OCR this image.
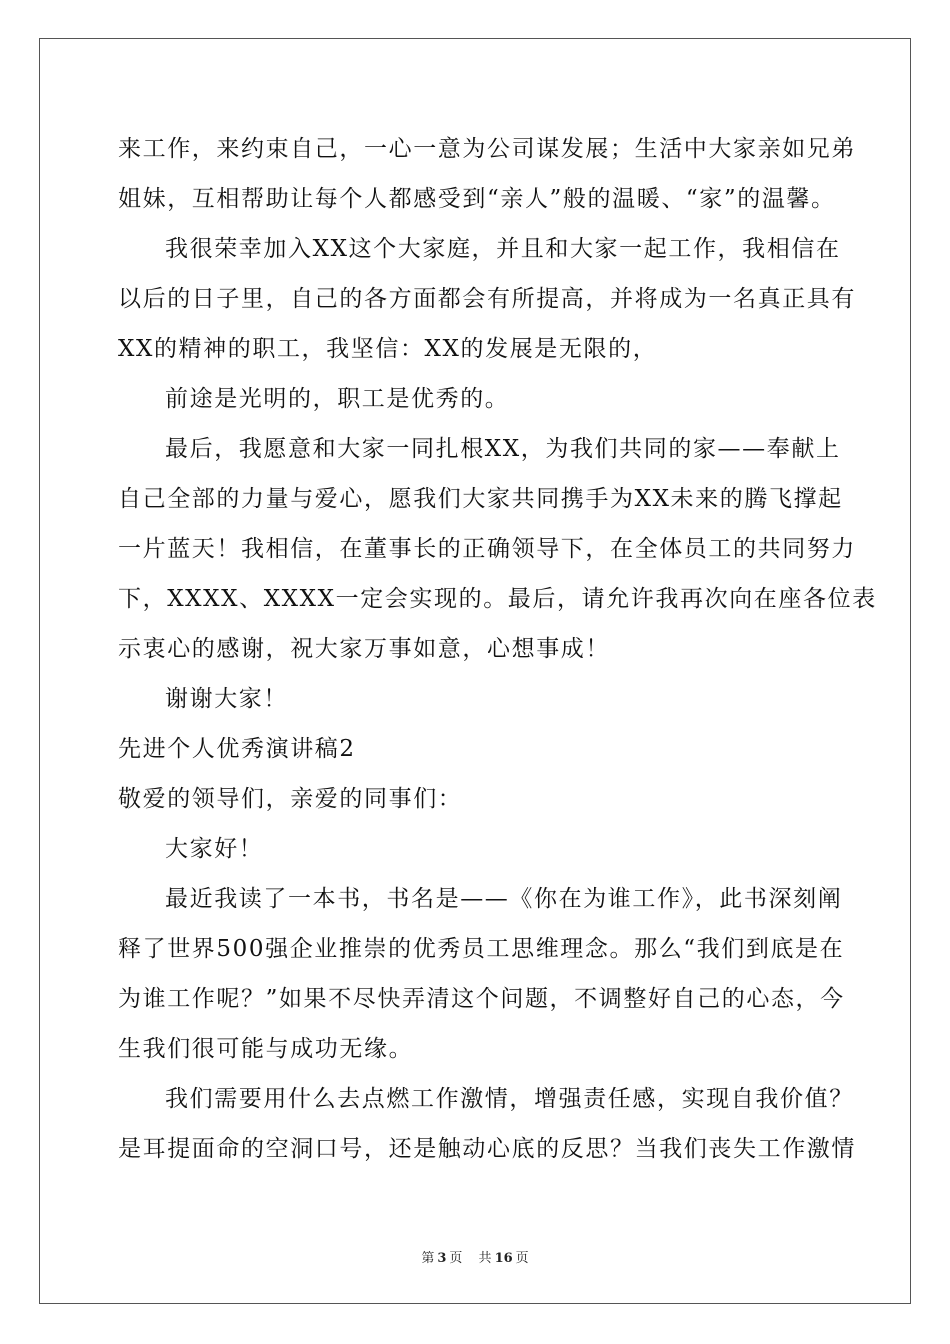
来工作，来约束自己，一心一意为公司谋发展；生活中大家亲如兄弟
姐妹，互相帮助让每个人都感受到“亲人”般的温暖、“家”的温馨。
我很荣幸加入XX这个大家庭，并且和大家一起工作，我相信在
以后的日子里，自己的各方面都会有所提高，并将成为一名真正具有
XX的精神的职工，我坚信：XX的发展是无限的，
前途是光明的，职工是优秀的。
最后，我愿意和大家一同扎根XX，为我们共同的家——奉献上
自己全部的力量与爱心，愿我们大家共同携手为XX未来的腾飞撑起
一片蓝天！我相信，在董事长的正确领导下，在全体员工的共同努力
下，XXXX、XXXX一定会实现的。最后，请允许我再次向在座各位表
示衷心的感谢，祝大家万事如意，心想事成！
谢谢大家！
先进个人优秀演讲稿2
敬爱的领导们，亲爱的同事们：
大家好！
最近我读了一本书，书名是——《你在为谁工作》，此书深刻阐
释了世界500强企业推崇的优秀员工思维理念。那么“我们到底是在
为谁工作呢？”如果不尽快弄清这个问题，不调整好自己的心态，今
生我们很可能与成功无缘。
我们需要用什么去点燃工作激情，增强责任感，实现自我价值？
是耳提面命的空洞口号，还是触动心底的反思？当我们丧失工作激情
第 3 页 共 16 页
